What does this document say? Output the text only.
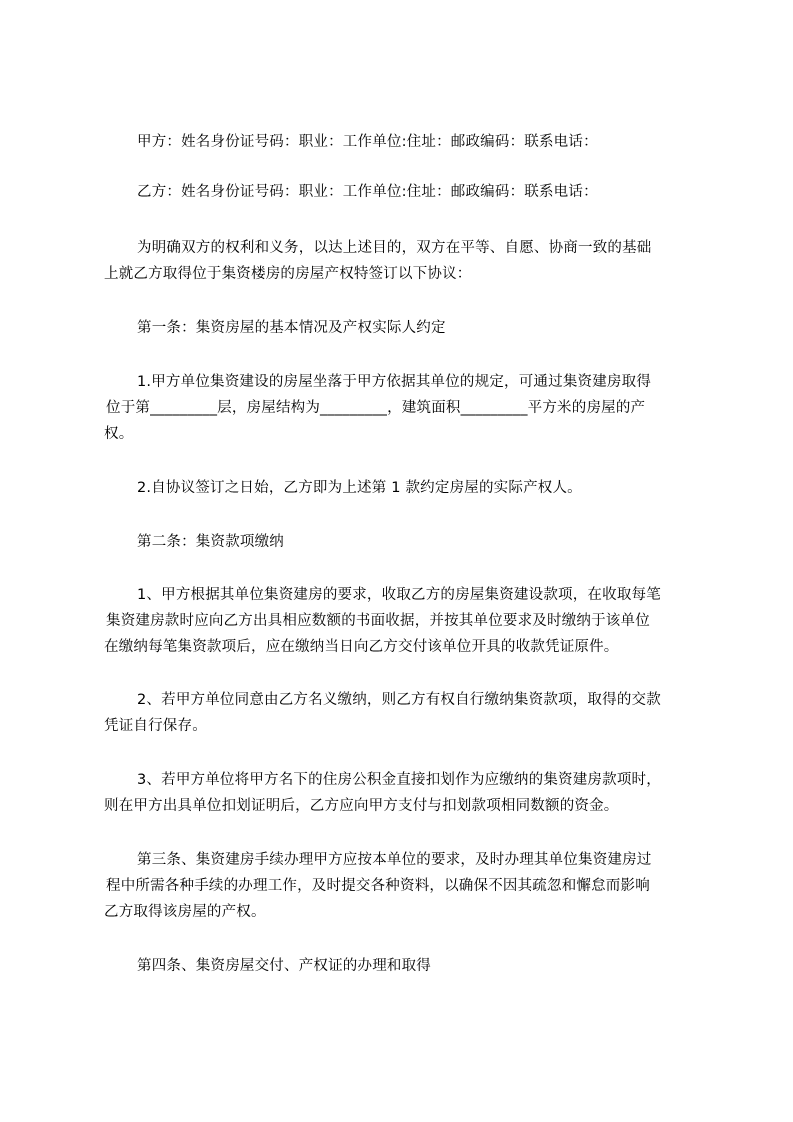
甲方：姓名身份证号码：职业：工作单位:住址：邮政编码：联系电话：

乙方：姓名身份证号码：职业：工作单位:住址：邮政编码：联系电话：

为明确双方的权利和义务，以达上述目的，双方在平等、自愿、协商一致的基础

上就乙方取得位于集资楼房的房屋产权特签订以下协议：

第一条：集资房屋的基本情况及产权实际人约定

1.甲方单位集资建设的房屋坐落于甲方依据其单位的规定，可通过集资建房取得

位于第_________层，房屋结构为_________，建筑面积_________平方米的房屋的产

权。

2.自协议签订之日始，乙方即为上述第 1 款约定房屋的实际产权人。

第二条：集资款项缴纳

1、甲方根据其单位集资建房的要求，收取乙方的房屋集资建设款项，在收取每笔

集资建房款时应向乙方出具相应数额的书面收据，并按其单位要求及时缴纳于该单位

在缴纳每笔集资款项后，应在缴纳当日向乙方交付该单位开具的收款凭证原件。

2、若甲方单位同意由乙方名义缴纳，则乙方有权自行缴纳集资款项，取得的交款

凭证自行保存。

3、若甲方单位将甲方名下的住房公积金直接扣划作为应缴纳的集资建房款项时，

则在甲方出具单位扣划证明后，乙方应向甲方支付与扣划款项相同数额的资金。

第三条、集资建房手续办理甲方应按本单位的要求，及时办理其单位集资建房过

程中所需各种手续的办理工作，及时提交各种资料，以确保不因其疏忽和懈怠而影响

乙方取得该房屋的产权。

第四条、集资房屋交付、产权证的办理和取得
